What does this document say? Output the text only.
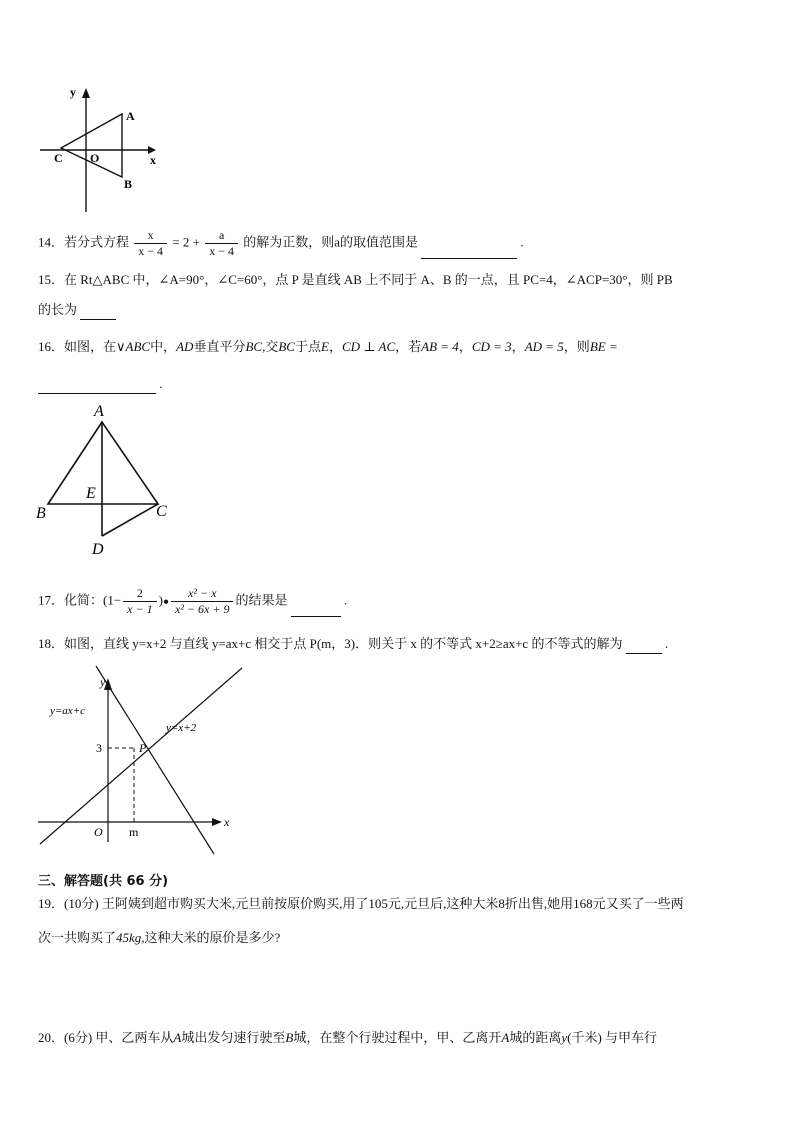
y
x
A
B
C O
14．若分式方程 $\frac{x}{x - 4} = 2 + \frac{a}{x - 4}$ 的解为正数，则a的取值范围是	.
15．在 Rt△ABC 中，∠A=90°，∠C=60°，点 P 是直线 AB 上不同于 A、B 的一点，且 PC=4，∠ACP=30°，则 PB
的长为
16．如图，在∨ABC中，AD垂直平分BC,交BC于点E，CD ⊥ AC，若AB = 4，CD = 3，AD = 5，则BE =
.
A
B	C
D
E
17．化简：($1- \frac{2}{x - 1}$ )● $\frac{\text{x² − x}}{\text{x² − 6x + 9}}$ 的结果是	.
18．如图，直线 y=x+2 与直线 y=ax+c 相交于点 P(m，3)．则关于 x 的不等式 x+2≥ax+c 的不等式的解为	.
y
x
O m
3	P
y=ax+c
y=x+2
三、解答题(共 66 分)
19．(10分) 王阿姨到超市购买大米,元旦前按原价购买,用了105元,元旦后,这种大米8折出售,她用168元又买了一些两
次一共购买了45kg,这种大米的原价是多少?
20．(6分) 甲、乙两车从A城出发匀速行驶至B城，在整个行驶过程中，甲、乙离开A城的距离y(千米) 与甲车行
